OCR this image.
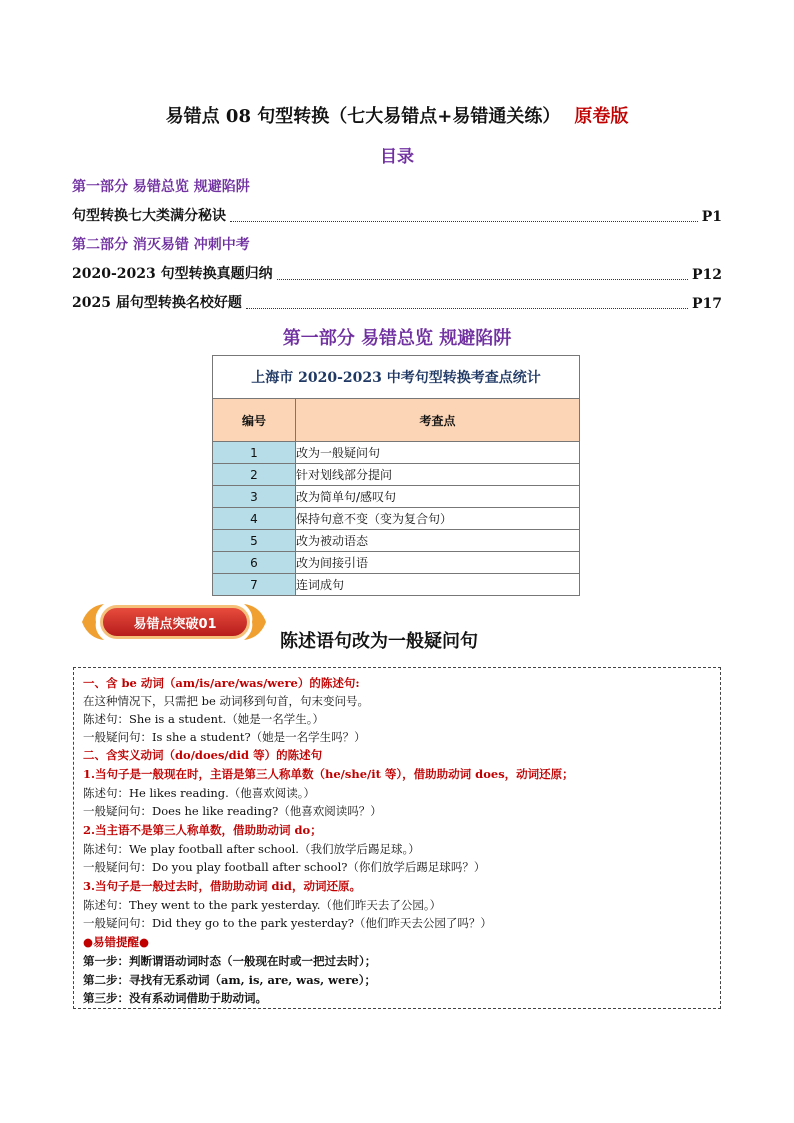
易错点 08 句型转换（七大易错点+易错通关练） 原卷版
目录
第一部分 易错总览 规避陷阱
句型转换七大类满分秘诀	P1
第二部分 消灭易错 冲刺中考
2020-2023 句型转换真题归纳	P12
2025 届句型转换名校好题	P17
第一部分 易错总览 规避陷阱
上海市 2020-2023 中考句型转换考查点统计	
编号	考查点
1	改为一般疑问句
2	针对划线部分提问
3	改为简单句/感叹句
4	保持句意不变（变为复合句）
5	改为被动语态
6	改为间接引语
7	连词成句
易错点突破01
陈述语句改为一般疑问句
一、含 be 动词（am/is/are/was/were）的陈述句:
在这种情况下，只需把 be 动词移到句首，句末变问号。
陈述句：She is a student.（她是一名学生。）
一般疑问句：Is she a student?（她是一名学生吗？）
二、含实义动词（do/does/did 等）的陈述句
1.当句子是一般现在时，主语是第三人称单数（he/she/it 等），借助助动词 does，动词还原；
陈述句：He likes reading.（他喜欢阅读。）
一般疑问句：Does he like reading?（他喜欢阅读吗？）
2.当主语不是第三人称单数，借助助动词 do；
陈述句：We play football after school.（我们放学后踢足球。）
一般疑问句：Do you play football after school?（你们放学后踢足球吗？）
3.当句子是一般过去时，借助助动词 did，动词还原。
陈述句：They went to the park yesterday.（他们昨天去了公园。）
一般疑问句：Did they go to the park yesterday?（他们昨天去公园了吗？）
●易错提醒●
第一步：判断谓语动词时态（一般现在时或一把过去时）；
第二步：寻找有无系动词（am, is, are, was, were）；
第三步：没有系动词借助于助动词。
